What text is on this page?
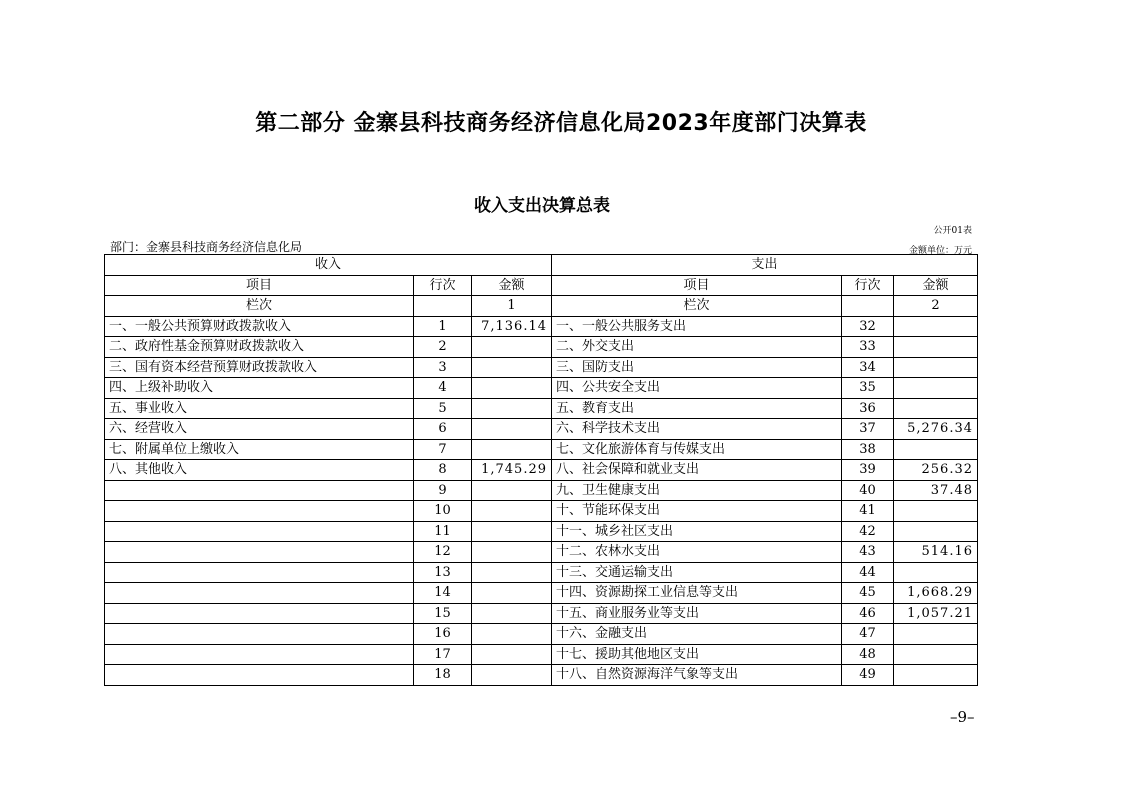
第二部分 金寨县科技商务经济信息化局2023年度部门决算表
收入支出决算总表
公开01表
部门：金寨县科技商务经济信息化局	金额单位：万元
收入			支出		
项目	行次	金额	项目	行次	金额
栏次		1	栏次		2
一、一般公共预算财政拨款收入	1	7,136.14	一、一般公共服务支出	32	
二、政府性基金预算财政拨款收入	2		二、外交支出	33	
三、国有资本经营预算财政拨款收入	3		三、国防支出	34	
四、上级补助收入	4		四、公共安全支出	35	
五、事业收入	5		五、教育支出	36	
六、经营收入	6		六、科学技术支出	37	5,276.34
七、附属单位上缴收入	7		七、文化旅游体育与传媒支出	38	
八、其他收入	8	1,745.29	八、社会保障和就业支出	39	256.32
	9		九、卫生健康支出	40	37.48
	10		十、节能环保支出	41	
	11		十一、城乡社区支出	42	
	12		十二、农林水支出	43	514.16
	13		十三、交通运输支出	44	
	14		十四、资源勘探工业信息等支出	45	1,668.29
	15		十五、商业服务业等支出	46	1,057.21
	16		十六、金融支出	47	
	17		十七、援助其他地区支出	48	
	18		十八、自然资源海洋气象等支出	49	
–9–
